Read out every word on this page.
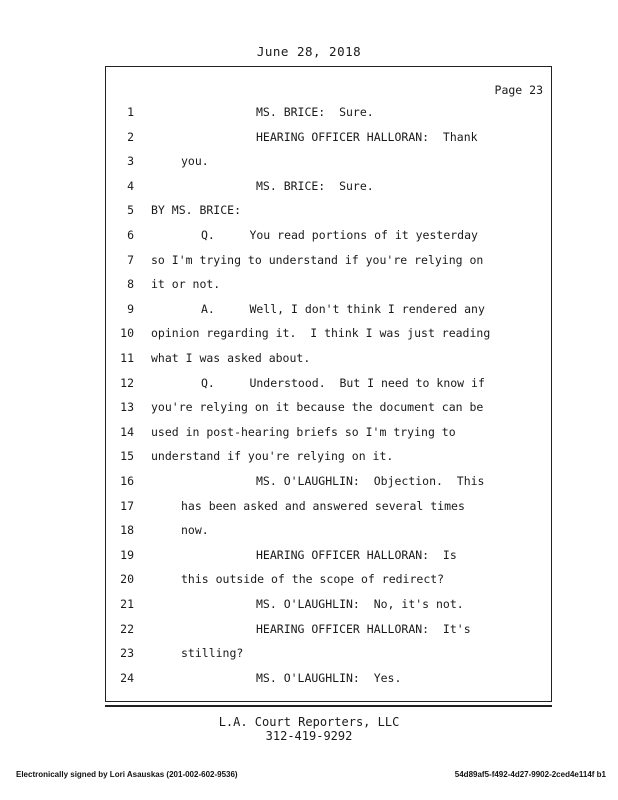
June 28, 2018
Page 23
1	MS. BRICE:  Sure.
2	HEARING OFFICER HALLORAN:  Thank
3	you.
4	MS. BRICE:  Sure.
5 BY MS. BRICE:
6	Q.     You read portions of it yesterday
7 so I'm trying to understand if you're relying on
8 it or not.
9	A.     Well, I don't think I rendered any
10 opinion regarding it.  I think I was just reading
11 what I was asked about.
12	Q.     Understood.  But I need to know if
13 you're relying on it because the document can be
14 used in post-hearing briefs so I'm trying to
15 understand if you're relying on it.
16	MS. O'LAUGHLIN:  Objection.  This
17	has been asked and answered several times
18	now.
19	HEARING OFFICER HALLORAN:  Is
20	this outside of the scope of redirect?
21	MS. O'LAUGHLIN:  No, it's not.
22	HEARING OFFICER HALLORAN:  It's
23	stilling?
24	MS. O'LAUGHLIN:  Yes.
L.A. Court Reporters, LLC
312-419-9292
Electronically signed by Lori Asauskas (201-002-602-9536)	54d89af5-f492-4d27-9902-2ced4e114f b1
